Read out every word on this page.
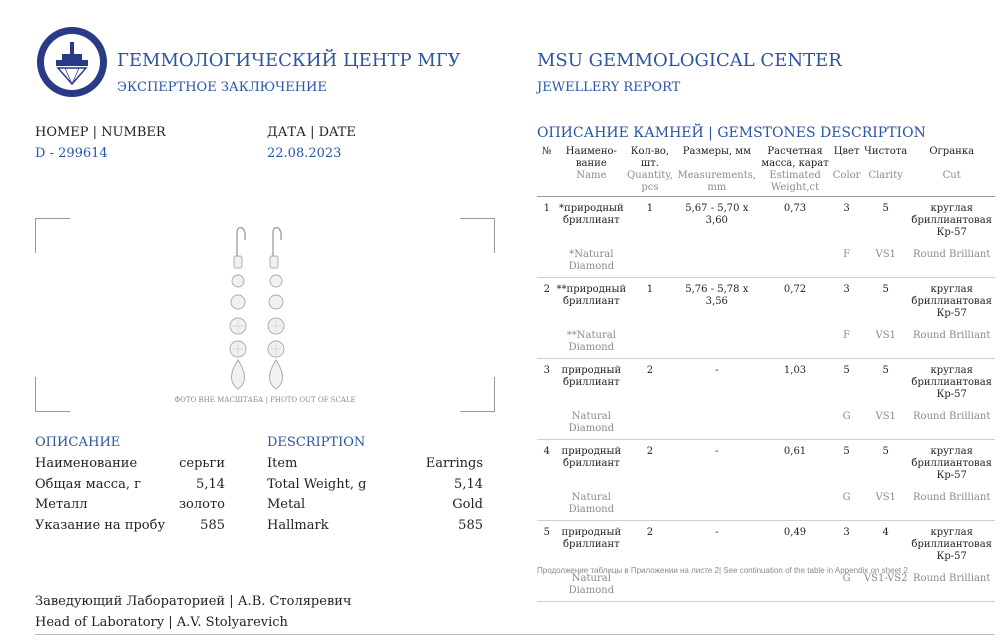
ГЕММОЛОГИЧЕСКИЙ ЦЕНТР МГУ
ЭКСПЕРТНОЕ ЗАКЛЮЧЕНИЕ
MSU GEMMOLOGICAL CENTER
JEWELLERY REPORT
НОМЕР | NUMBER
D - 299614
ДАТА | DATE
22.08.2023
ФОТО ВНЕ МАСШТАБА | PHOTO OUT OF SCALE
ОПИСАНИЕ
Наименование	серьги
Общая масса, г	5,14
Металл	золото
Указание на пробу	585
DESCRIPTION
Item	Earrings
Total Weight, g	5,14
Metal	Gold
Hallmark	585
ОПИСАНИЕ КАМНЕЙ | GEMSTONES DESCRIPTION
№	Наимено-вание	Кол-во, шт.	Размеры, мм	Расчетная масса, карат	Цвет	Чистота	Огранка
	Name	Quantity, pcs	Measurements, mm	Estimated Weight,ct	Color	Clarity	Cut
1	*природный бриллиант	1	5,67 - 5,70 x 3,60	0,73	3	5	круглая бриллиантовая Кр-57
	*Natural Diamond				F	VS1	Round Brilliant
2	**природный бриллиант	1	5,76 - 5,78 x 3,56	0,72	3	5	круглая бриллиантовая Кр-57
	**Natural Diamond				F	VS1	Round Brilliant
3	природный бриллиант	2	-	1,03	5	5	круглая бриллиантовая Кр-57
	Natural Diamond				G	VS1	Round Brilliant
4	природный бриллиант	2	-	0,61	5	5	круглая бриллиантовая Кр-57
	Natural Diamond				G	VS1	Round Brilliant
5	природный бриллиант	2	-	0,49	3	4	круглая бриллиантовая Кр-57
	Natural Diamond				G	VS1-VS2	Round Brilliant
Продолжение таблицы в Приложении на листе 2| See continuation of the table in Appendix on sheet 2
Заведующий Лабораторией | А.В. Столяревич
Head of Laboratory | A.V. Stolyarevich
